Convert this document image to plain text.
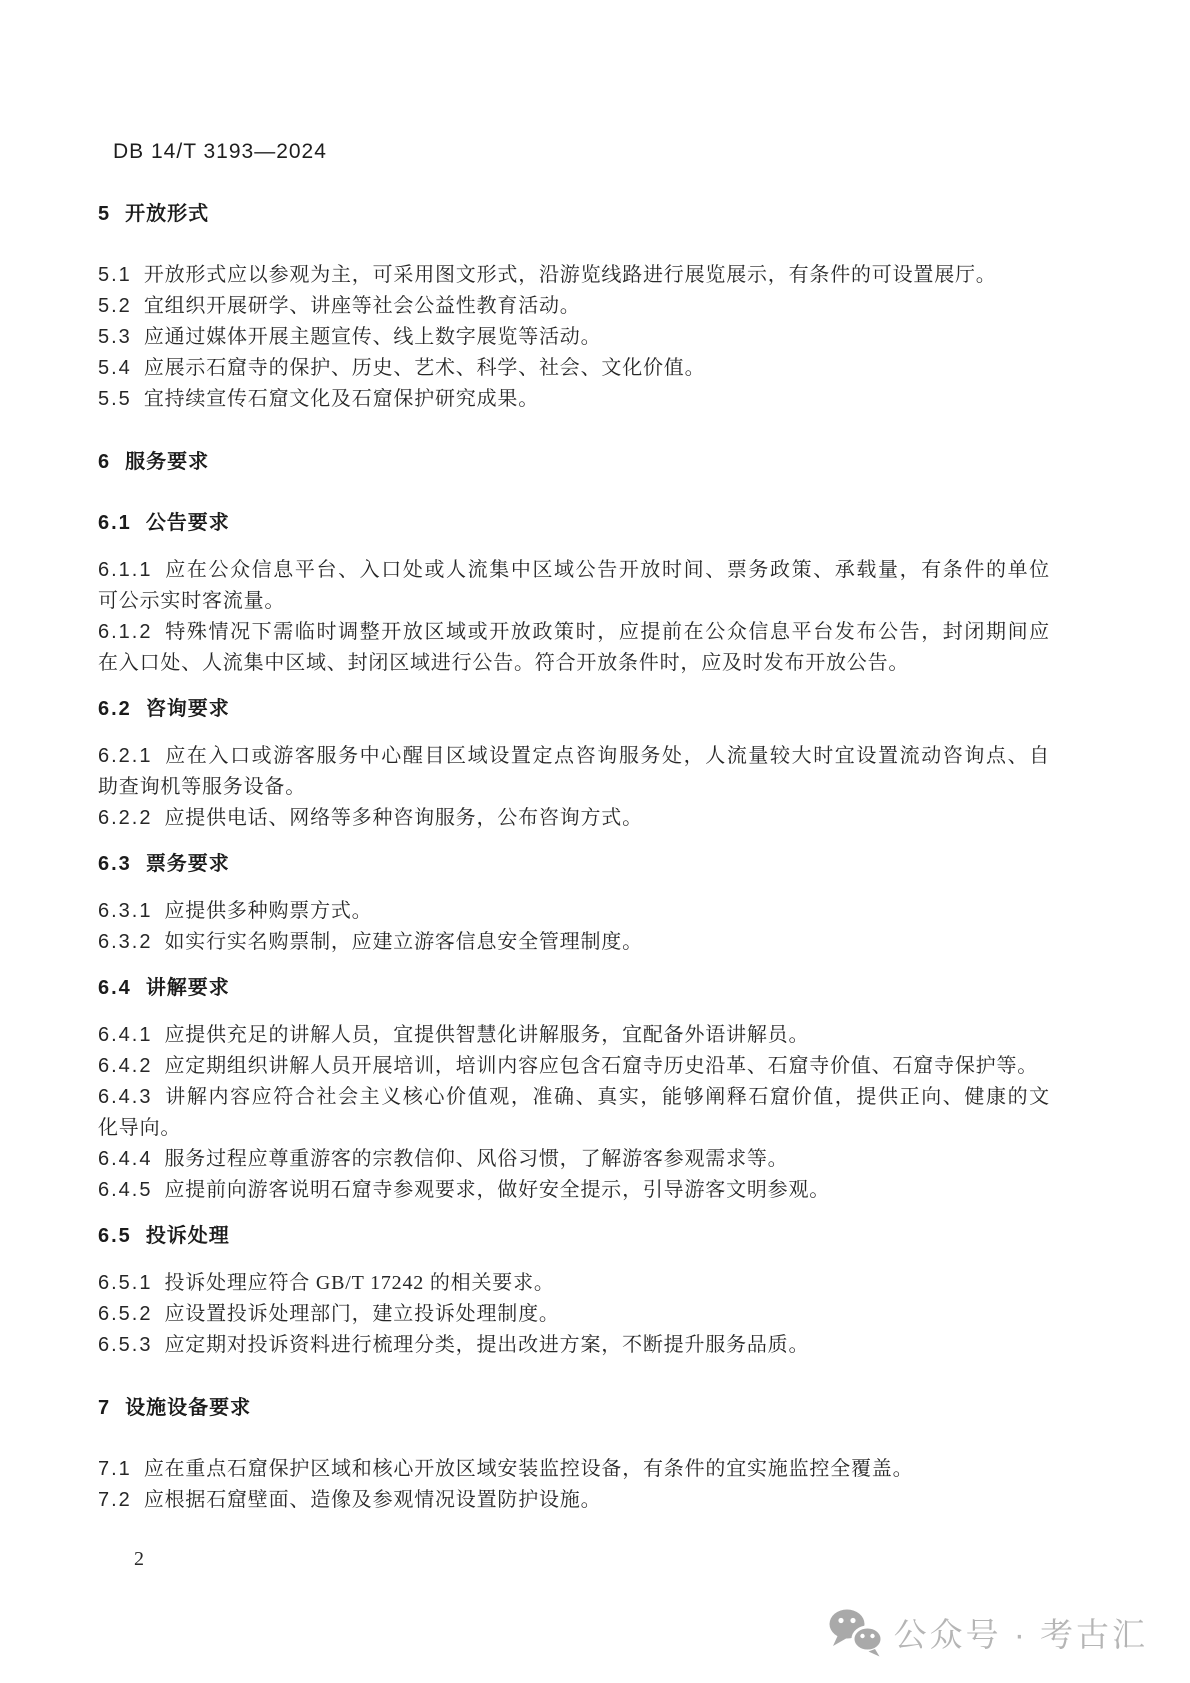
DB 14/T 3193—2024
5 开放形式
5.1 开放形式应以参观为主，可采用图文形式，沿游览线路进行展览展示，有条件的可设置展厅。
5.2 宜组织开展研学、讲座等社会公益性教育活动。
5.3 应通过媒体开展主题宣传、线上数字展览等活动。
5.4 应展示石窟寺的保护、历史、艺术、科学、社会、文化价值。
5.5 宜持续宣传石窟文化及石窟保护研究成果。
6 服务要求
6.1 公告要求
6.1.1 应在公众信息平台、入口处或人流集中区域公告开放时间、票务政策、承载量，有条件的单位
可公示实时客流量。
6.1.2 特殊情况下需临时调整开放区域或开放政策时，应提前在公众信息平台发布公告，封闭期间应
在入口处、人流集中区域、封闭区域进行公告。符合开放条件时，应及时发布开放公告。
6.2 咨询要求
6.2.1 应在入口或游客服务中心醒目区域设置定点咨询服务处，人流量较大时宜设置流动咨询点、自
助查询机等服务设备。
6.2.2 应提供电话、网络等多种咨询服务，公布咨询方式。
6.3 票务要求
6.3.1 应提供多种购票方式。
6.3.2 如实行实名购票制，应建立游客信息安全管理制度。
6.4 讲解要求
6.4.1 应提供充足的讲解人员，宜提供智慧化讲解服务，宜配备外语讲解员。
6.4.2 应定期组织讲解人员开展培训，培训内容应包含石窟寺历史沿革、石窟寺价值、石窟寺保护等。
6.4.3 讲解内容应符合社会主义核心价值观，准确、真实，能够阐释石窟价值，提供正向、健康的文
化导向。
6.4.4 服务过程应尊重游客的宗教信仰、风俗习惯，了解游客参观需求等。
6.4.5 应提前向游客说明石窟寺参观要求，做好安全提示，引导游客文明参观。
6.5 投诉处理
6.5.1 投诉处理应符合 GB/T 17242 的相关要求。
6.5.2 应设置投诉处理部门，建立投诉处理制度。
6.5.3 应定期对投诉资料进行梳理分类，提出改进方案，不断提升服务品质。
7 设施设备要求
7.1 应在重点石窟保护区域和核心开放区域安装监控设备，有条件的宜实施监控全覆盖。
7.2 应根据石窟壁面、造像及参观情况设置防护设施。
2
公众号 · 考古汇
